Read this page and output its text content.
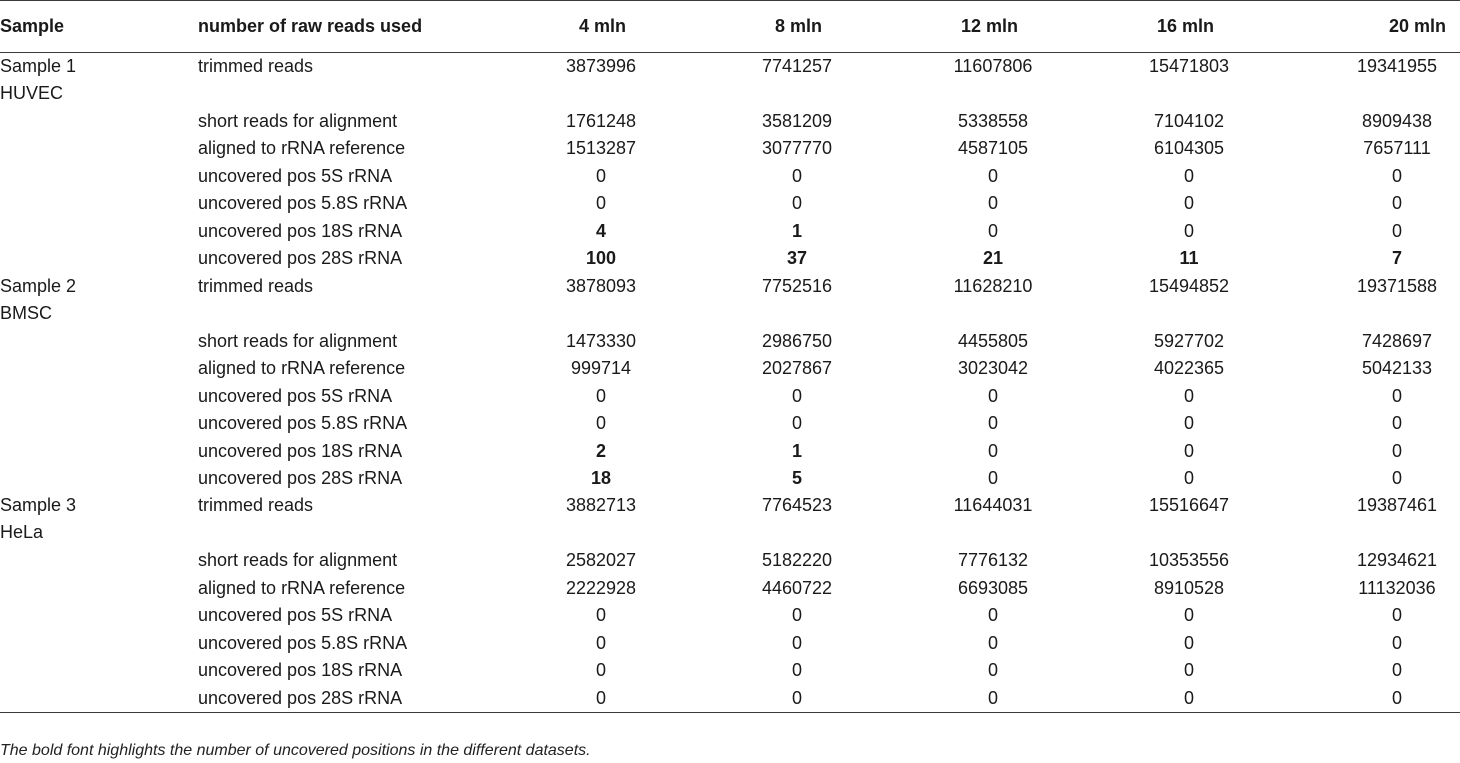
Sample	number of raw reads used	4 mln	8 mln	12 mln	16 mln	20 mln

Sample 1
HUVEC	trimmed reads	3873996	7741257	11607806	15471803	19341955
	short reads for alignment	1761248	3581209	5338558	7104102	8909438
	aligned to rRNA reference	1513287	3077770	4587105	6104305	7657111
	uncovered pos 5S rRNA	0	0	0	0	0
	uncovered pos 5.8S rRNA	0	0	0	0	0
	uncovered pos 18S rRNA	4	1	0	0	0
	uncovered pos 28S rRNA	100	37	21	11	7

Sample 2
BMSC	trimmed reads	3878093	7752516	11628210	15494852	19371588
	short reads for alignment	1473330	2986750	4455805	5927702	7428697
	aligned to rRNA reference	999714	2027867	3023042	4022365	5042133
	uncovered pos 5S rRNA	0	0	0	0	0
	uncovered pos 5.8S rRNA	0	0	0	0	0
	uncovered pos 18S rRNA	2	1	0	0	0
	uncovered pos 28S rRNA	18	5	0	0	0

Sample 3
HeLa	trimmed reads	3882713	7764523	11644031	15516647	19387461
	short reads for alignment	2582027	5182220	7776132	10353556	12934621
	aligned to rRNA reference	2222928	4460722	6693085	8910528	11132036
	uncovered pos 5S rRNA	0	0	0	0	0
	uncovered pos 5.8S rRNA	0	0	0	0	0
	uncovered pos 18S rRNA	0	0	0	0	0
	uncovered pos 28S rRNA	0	0	0	0	0
The bold font highlights the number of uncovered positions in the different datasets.
